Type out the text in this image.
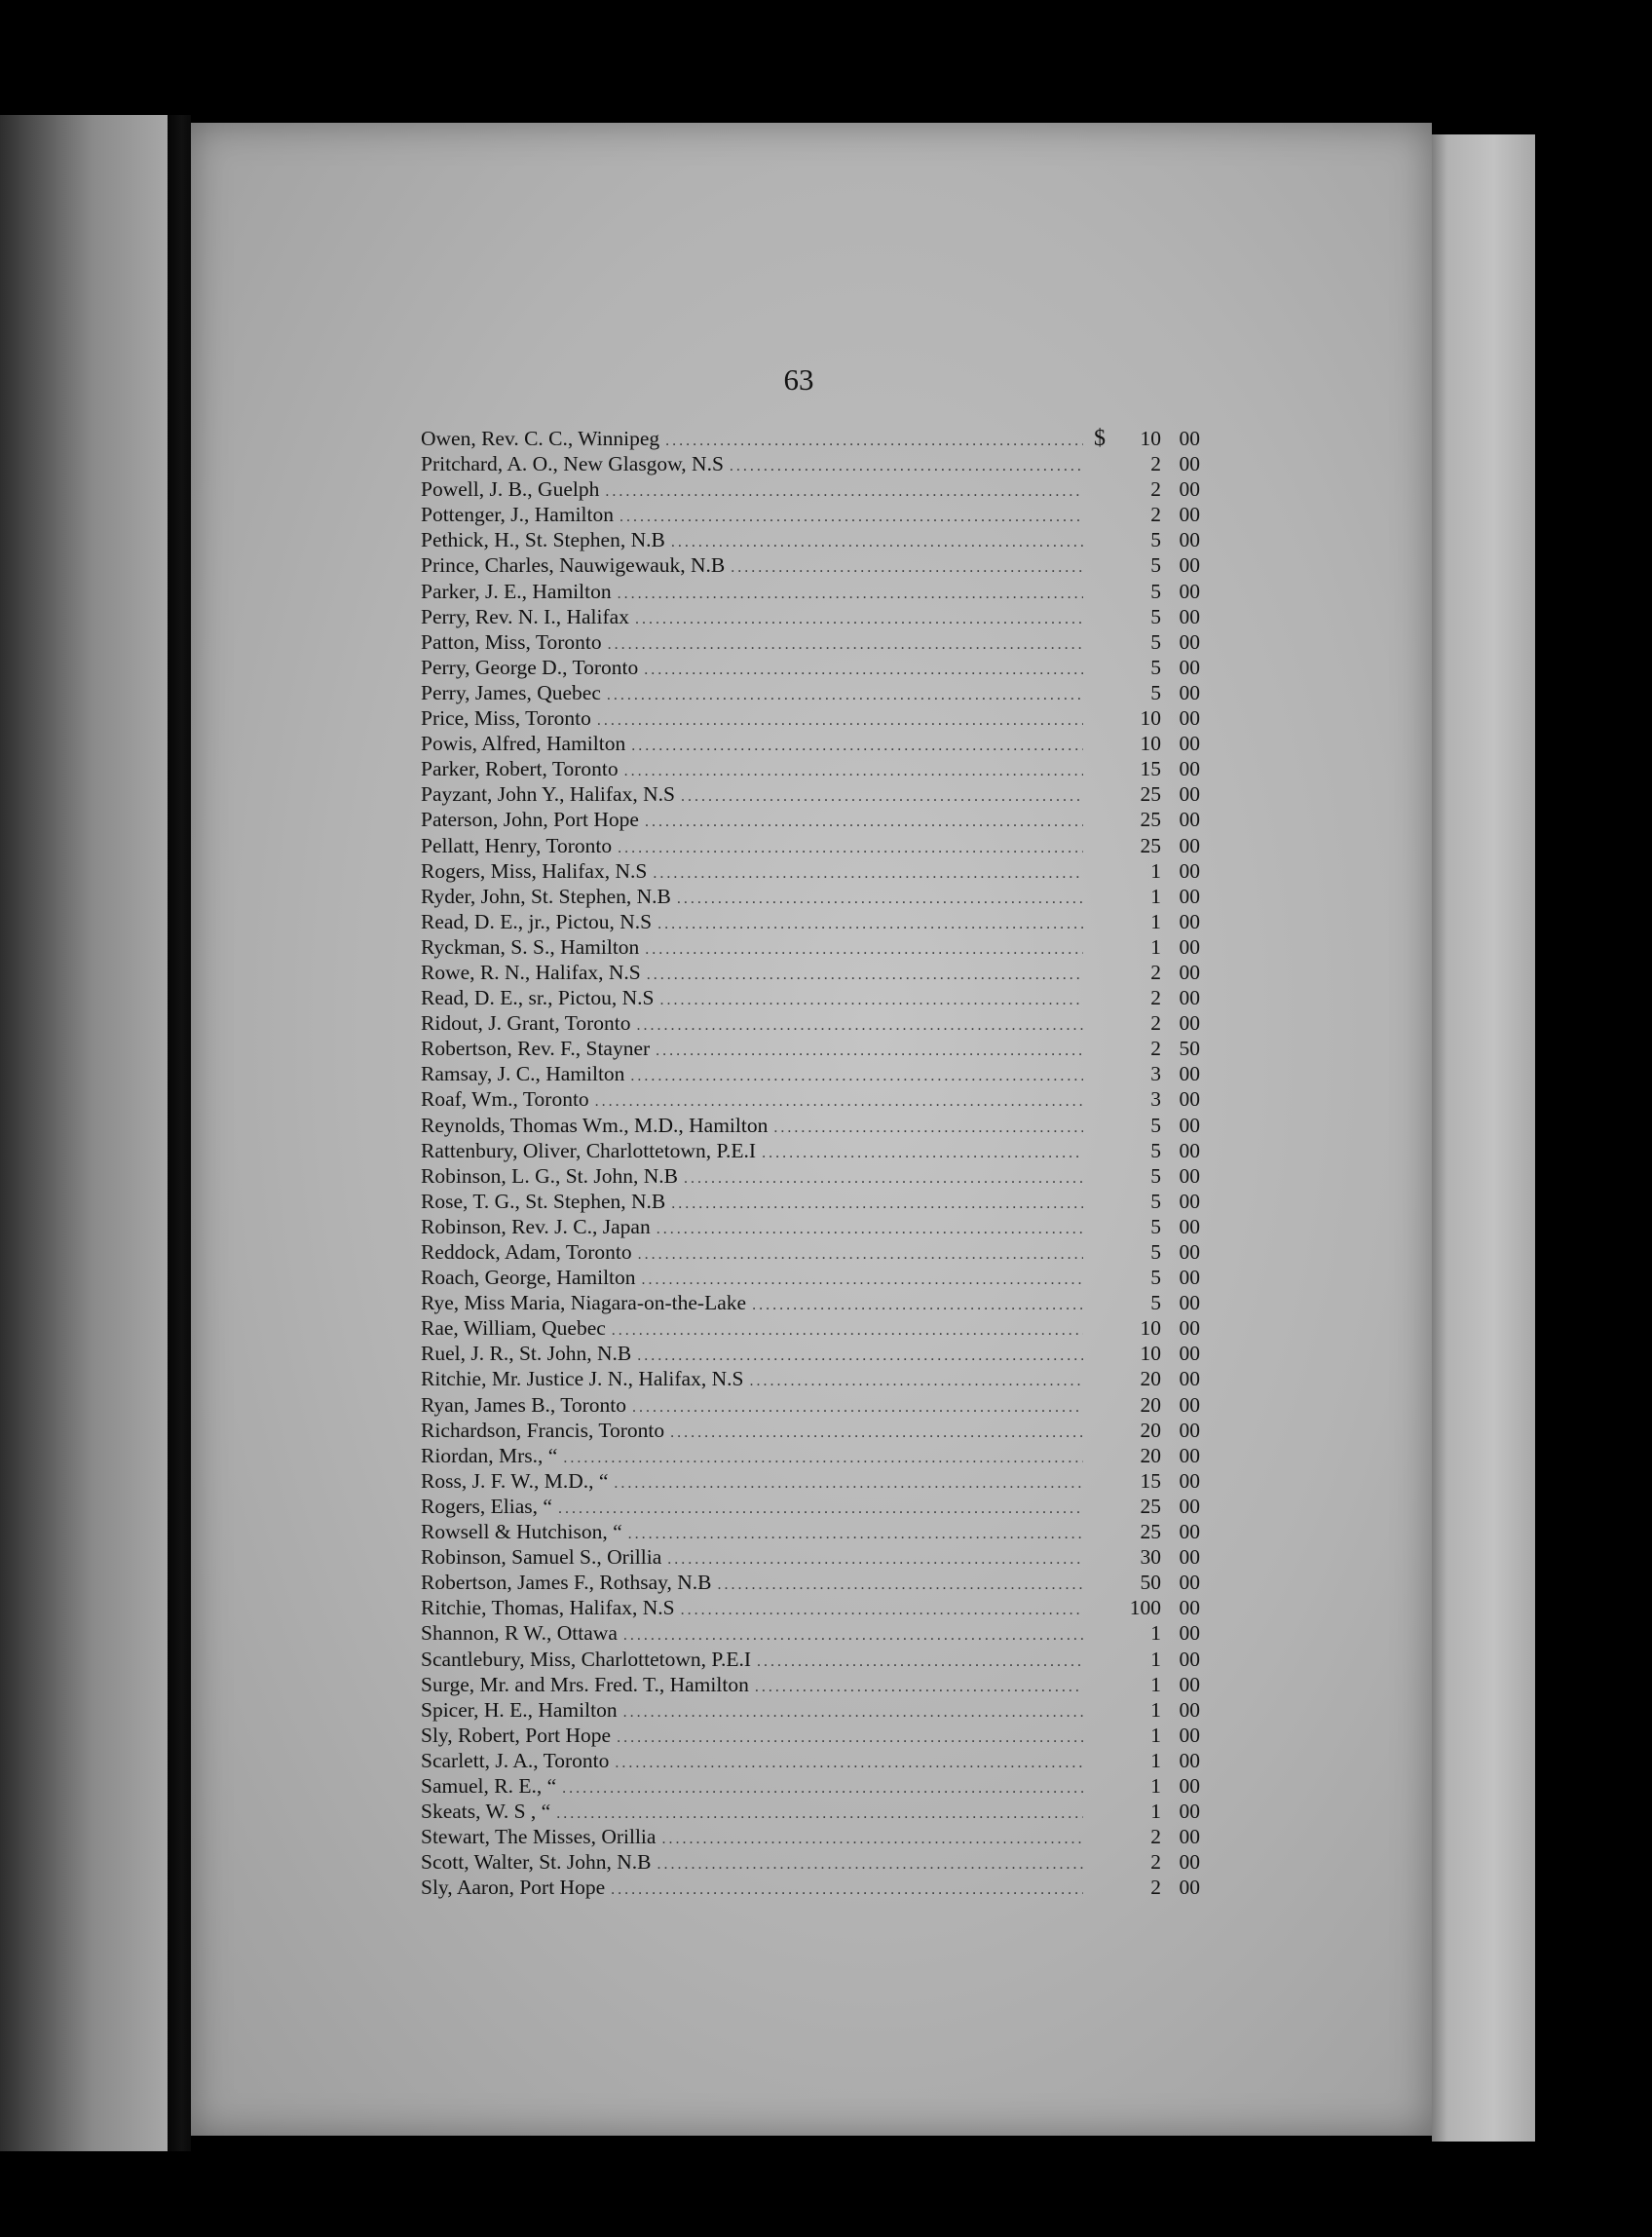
63
Owen, Rev. C. C., Winnipeg .....	$	10 00
Pritchard, A. O., New Glasgow, N.S .....	2 00
Powell, J. B., Guelph .....	2 00
Pottenger, J., Hamilton .....	2 00
Pethick, H., St. Stephen, N.B .....	5 00
Prince, Charles, Nauwigewauk, N.B .....	5 00
Parker, J. E., Hamilton .....	5 00
Perry, Rev. N. I., Halifax .....	5 00
Patton, Miss, Toronto .....	5 00
Perry, George D., Toronto .....	5 00
Perry, James, Quebec .....	5 00
Price, Miss, Toronto .....	10 00
Powis, Alfred, Hamilton .....	10 00
Parker, Robert, Toronto .....	15 00
Payzant, John Y., Halifax, N.S .....	25 00
Paterson, John, Port Hope .....	25 00
Pellatt, Henry, Toronto .....	25 00
Rogers, Miss, Halifax, N.S .....	1 00
Ryder, John, St. Stephen, N.B .....	1 00
Read, D. E., jr., Pictou, N.S .....	1 00
Ryckman, S. S., Hamilton .....	1 00
Rowe, R. N., Halifax, N.S .....	2 00
Read, D. E., sr., Pictou, N.S .....	2 00
Ridout, J. Grant, Toronto .....	2 00
Robertson, Rev. F., Stayner .....	2 50
Ramsay, J. C., Hamilton .....	3 00
Roaf, Wm., Toronto .....	3 00
Reynolds, Thomas Wm., M.D., Hamilton .....	5 00
Rattenbury, Oliver, Charlottetown, P.E.I .....	5 00
Robinson, L. G., St. John, N.B .....	5 00
Rose, T. G., St. Stephen, N.B .....	5 00
Robinson, Rev. J. C., Japan .....	5 00
Reddock, Adam, Toronto .....	5 00
Roach, George, Hamilton .....	5 00
Rye, Miss Maria, Niagara-on-the-Lake .....	5 00
Rae, William, Quebec .....	10 00
Ruel, J. R., St. John, N.B .....	10 00
Ritchie, Mr. Justice J. N., Halifax, N.S .....	20 00
Ryan, James B., Toronto .....	20 00
Richardson, Francis, Toronto .....	20 00
Riordan, Mrs., “ .....	20 00
Ross, J. F. W., M.D., “ .....	15 00
Rogers, Elias, “ .....	25 00
Rowsell & Hutchison, “ .....	25 00
Robinson, Samuel S., Orillia .....	30 00
Robertson, James F., Rothsay, N.B .....	50 00
Ritchie, Thomas, Halifax, N.S .....	100 00
Shannon, R W., Ottawa .....	1 00
Scantlebury, Miss, Charlottetown, P.E.I .....	1 00
Surge, Mr. and Mrs. Fred. T., Hamilton .....	1 00
Spicer, H. E., Hamilton .....	1 00
Sly, Robert, Port Hope .....	1 00
Scarlett, J. A., Toronto .....	1 00
Samuel, R. E., “ .....	1 00
Skeats, W. S , “ .....	1 00
Stewart, The Misses, Orillia .....	2 00
Scott, Walter, St. John, N.B .....	2 00
Sly, Aaron, Port Hope .....	2 00
